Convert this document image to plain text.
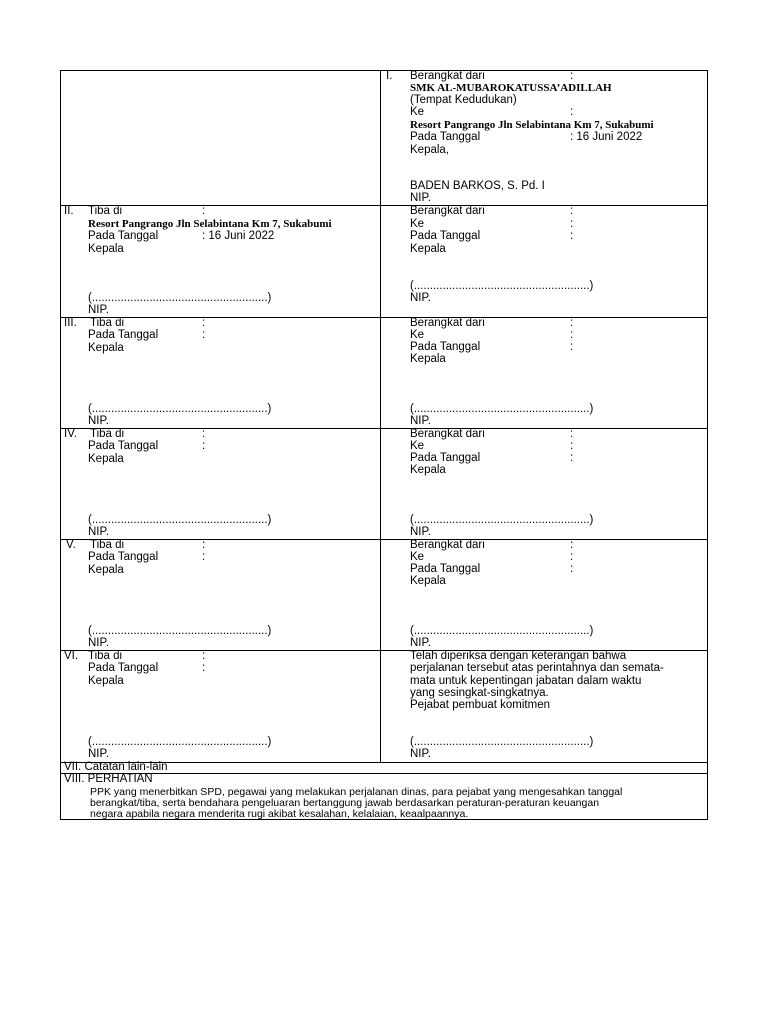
I. Berangkat dari	:
SMK AL-MUBAROKATUSSA’ADILLAH
(Tempat Kedudukan)
Ke	:
Resort Pangrango Jln Selabintana Km 7, Sukabumi
Pada Tanggal	: 16 Juni 2022
Kepala,
BADEN BARKOS, S. Pd. I
NIP.
II. Tiba di	:
Resort Pangrango Jln Selabintana Km 7, Sukabumi
Pada Tanggal	: 16 Juni 2022
Kepala
(.......................................................)
NIP.
Berangkat dari	:
Ke	:
Pada Tanggal	:
Kepala
(.......................................................)
NIP.
III. Tiba di	:
Pada Tanggal	:
Kepala
(.......................................................)
NIP.
Berangkat dari	:
Ke	:
Pada Tanggal	:
Kepala
(.......................................................)
NIP.
IV. Tiba di	:
Pada Tanggal	:
Kepala
(.......................................................)
NIP.
Berangkat dari	:
Ke	:
Pada Tanggal	:
Kepala
(.......................................................)
NIP.
V. Tiba di	:
Pada Tanggal	:
Kepala
(.......................................................)
NIP.
Berangkat dari	:
Ke	:
Pada Tanggal	:
Kepala
(.......................................................)
NIP.
VI. Tiba di	:
Pada Tanggal	:
Kepala
(.......................................................)
NIP.
Telah diperiksa dengan keterangan bahwa
perjalanan tersebut atas perintahnya dan semata-
mata untuk kepentingan jabatan dalam waktu
yang sesingkat-singkatnya.
Pejabat pembuat komitmen
(.......................................................)
NIP.
VII. Catatan lain-lain
VIII. PERHATIAN
PPK yang menerbitkan SPD, pegawai yang melakukan perjalanan dinas, para pejabat yang mengesahkan tanggal
berangkat/tiba, serta bendahara pengeluaran bertanggung jawab berdasarkan peraturan-peraturan keuangan
negara apabila negara menderita rugi akibat kesalahan, kelalaian, keaalpaannya.
